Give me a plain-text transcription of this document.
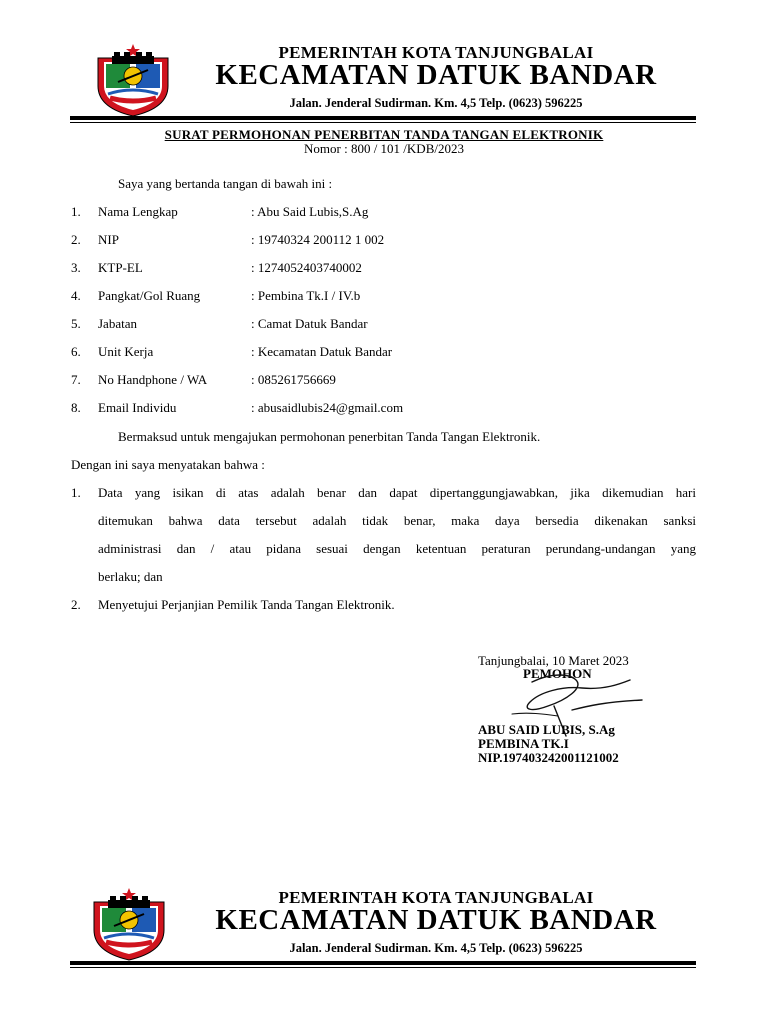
PEMERINTAH KOTA TANJUNGBALAI
KECAMATAN DATUK BANDAR
Jalan. Jenderal Sudirman. Km. 4,5 Telp. (0623) 596225
SURAT PERMOHONAN PENERBITAN TANDA TANGAN ELEKTRONIK
Nomor : 800 / 101 /KDB/2023
Saya yang bertanda tangan di bawah ini :
1. Nama Lengkap	: Abu Said Lubis,S.Ag
2. NIP	: 19740324 200112 1 002
3. KTP-EL	: 1274052403740002
4. Pangkat/Gol Ruang	: Pembina Tk.I / IV.b
5. Jabatan	: Camat Datuk Bandar
6. Unit Kerja	: Kecamatan Datuk Bandar
7. No Handphone / WA	: 085261756669
8. Email Individu	: abusaidlubis24@gmail.com
Bermaksud untuk mengajukan permohonan penerbitan Tanda Tangan Elektronik.
Dengan ini saya menyatakan bahwa :
1. Data yang isikan di atas adalah benar dan dapat dipertanggungjawabkan, jika dikemudian hari
ditemukan bahwa data tersebut adalah tidak benar, maka daya bersedia dikenakan sanksi
administrasi dan / atau pidana sesuai dengan ketentuan peraturan perundang-undangan yang
berlaku; dan
2. Menyetujui Perjanjian Pemilik Tanda Tangan Elektronik.
Tanjungbalai, 10 Maret 2023
PEMOHON
ABU SAID LUBIS, S.Ag
PEMBINA TK.I
NIP.197403242001121002
PEMERINTAH KOTA TANJUNGBALAI
KECAMATAN DATUK BANDAR
Jalan. Jenderal Sudirman. Km. 4,5 Telp. (0623) 596225
